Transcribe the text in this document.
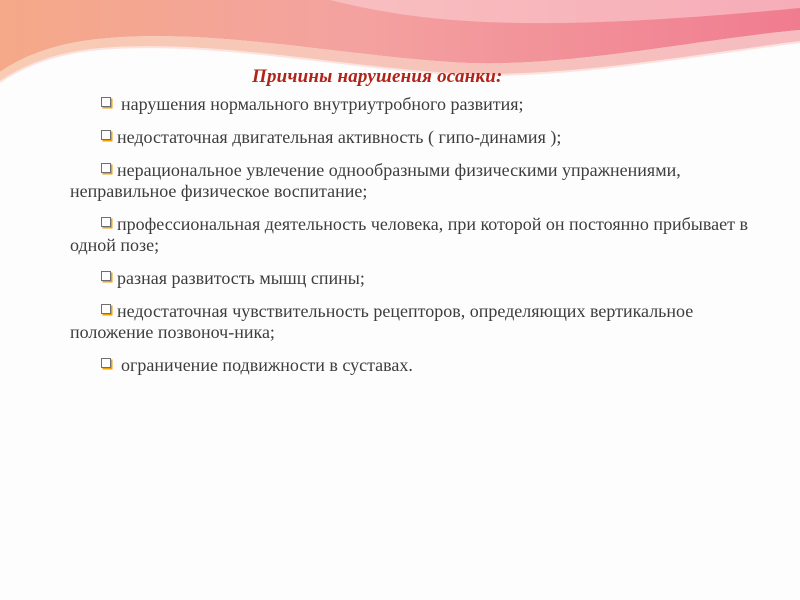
Причины нарушения осанки:
нарушения нормального внутриутробного развития;
недостаточная двигательная активность ( гипо-динамия );
нерациональное увлечение однообразными физическими упражнениями, неправильное физическое воспитание;
профессиональная деятельность человека, при которой он постоянно прибывает в одной позе;
разная развитость мышц спины;
недостаточная чувствительность рецепторов, определяющих вертикальное положение позвоноч-ника;
ограничение подвижности в суставах.
